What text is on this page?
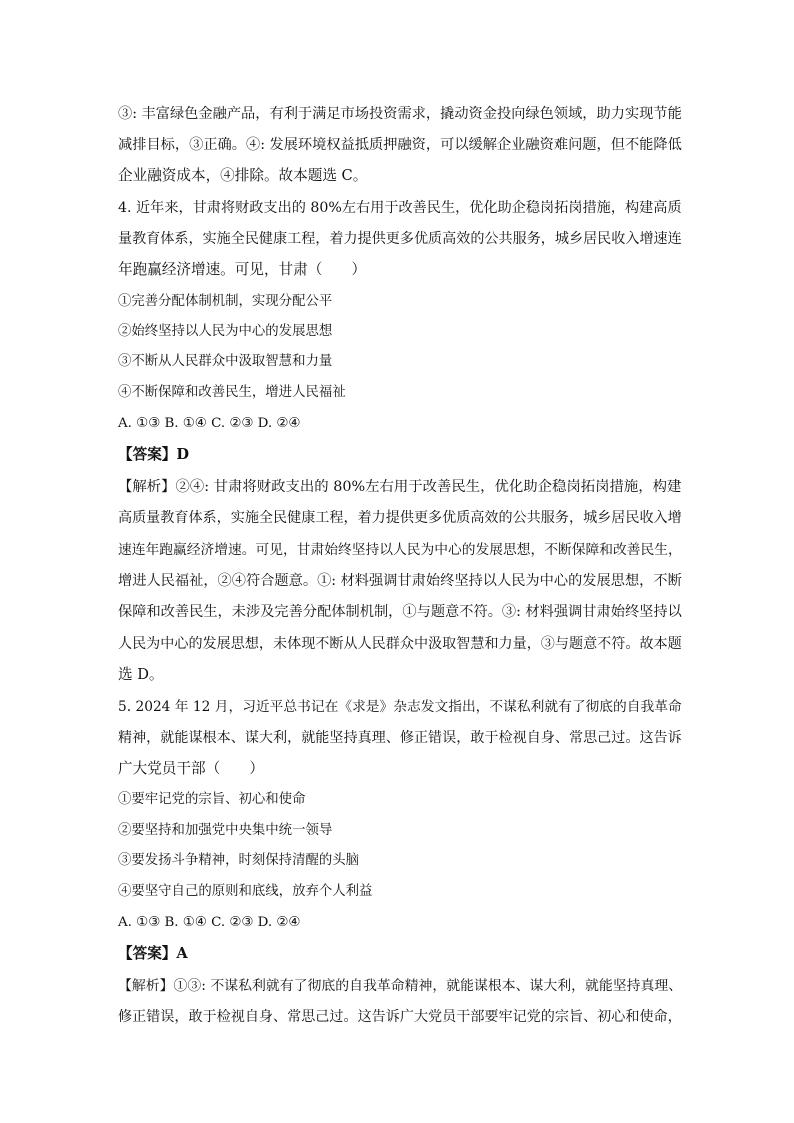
③: 丰富绿色金融产品，有利于满足市场投资需求，撬动资金投向绿色领域，助力实现节能
减排目标，③正确。④: 发展环境权益抵质押融资，可以缓解企业融资难问题，但不能降低
企业融资成本，④排除。故本题选 C。
4. 近年来，甘肃将财政支出的 80%左右用于改善民生，优化助企稳岗拓岗措施，构建高质
量教育体系，实施全民健康工程，着力提供更多优质高效的公共服务，城乡居民收入增速连
年跑赢经济增速。可见，甘肃（　　）
①完善分配体制机制，实现分配公平
②始终坚持以人民为中心的发展思想
③不断从人民群众中汲取智慧和力量
④不断保障和改善民生，增进人民福祉
A. ①③ B. ①④ C. ②③ D. ②④
【答案】D
【解析】②④: 甘肃将财政支出的 80%左右用于改善民生，优化助企稳岗拓岗措施，构建
高质量教育体系，实施全民健康工程，着力提供更多优质高效的公共服务，城乡居民收入增
速连年跑赢经济增速。可见，甘肃始终坚持以人民为中心的发展思想，不断保障和改善民生，
增进人民福祉，②④符合题意。①: 材料强调甘肃始终坚持以人民为中心的发展思想，不断
保障和改善民生，未涉及完善分配体制机制，①与题意不符。③: 材料强调甘肃始终坚持以
人民为中心的发展思想，未体现不断从人民群众中汲取智慧和力量，③与题意不符。故本题
选 D。
5. 2024 年 12 月，习近平总书记在《求是》杂志发文指出，不谋私利就有了彻底的自我革命
精神，就能谋根本、谋大利，就能坚持真理、修正错误，敢于检视自身、常思己过。这告诉
广大党员干部（　　）
①要牢记党的宗旨、初心和使命
②要坚持和加强党中央集中统一领导
③要发扬斗争精神，时刻保持清醒的头脑
④要坚守自己的原则和底线，放弃个人利益
A. ①③ B. ①④ C. ②③ D. ②④
【答案】A
【解析】①③: 不谋私利就有了彻底的自我革命精神，就能谋根本、谋大利，就能坚持真理、
修正错误，敢于检视自身、常思己过。这告诉广大党员干部要牢记党的宗旨、初心和使命，
